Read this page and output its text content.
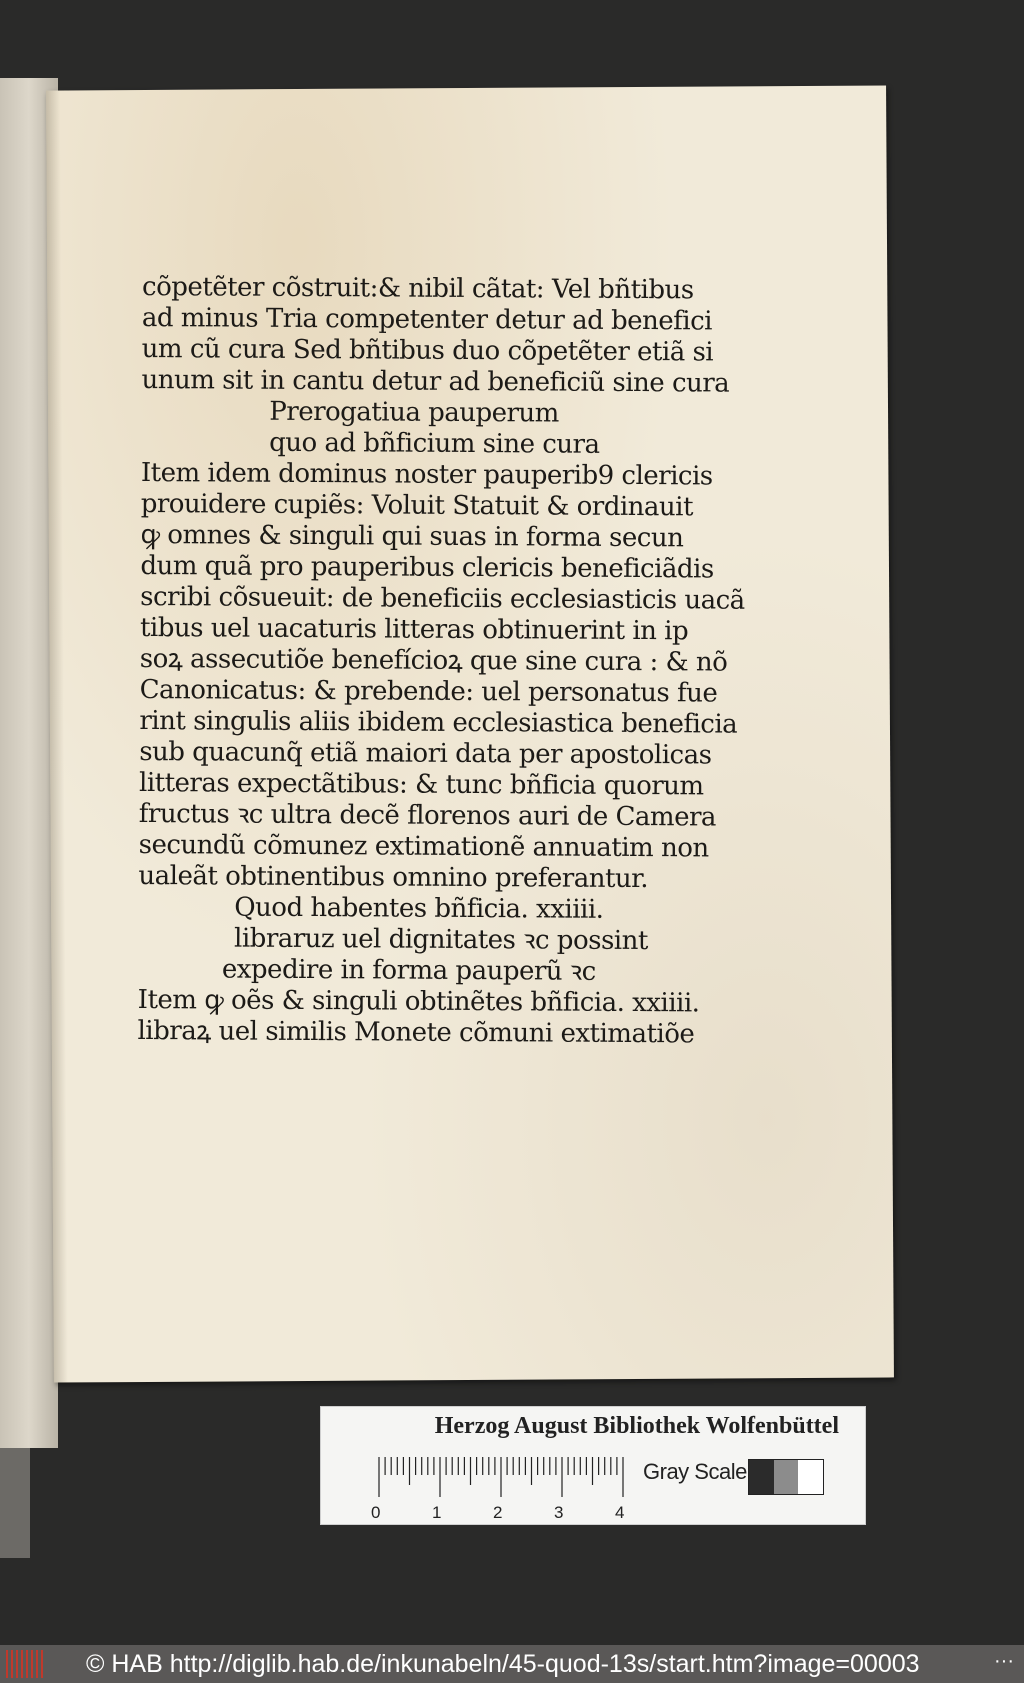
cõpetẽter cõstruit:& nibil cãtat: Vel bñtibus
ad minus Tria competenter detur ad benefici
um cũ cura Sed bñtibus duo cõpetẽter etiã si
unum sit in cantu detur ad beneficiũ sine cura
Prerogatiua pauperum
quo ad bñficium sine cura
Item idem dominus noster pauperib9 clericis
prouidere cupiẽs: Voluit Statuit & ordinauit
ꝙ omnes & singuli qui suas in forma secun
dum quã pro pauperibus clericis beneficiãdis
scribi cõsueuit: de beneficiis ecclesiasticis uacã
tibus uel uacaturis litteras obtinuerint in ip
soꝝ assecutiõe benefícioꝝ que sine cura : & nõ
Canonicatus: & prebende: uel personatus fue
rint singulis aliis ibidem ecclesiastica beneficia
sub quacunq̃ etiã maiori data per apostolicas
litteras expectãtibus: & tunc bñficia quorum
fructus ꝛc ultra decẽ florenos auri de Camera
secundũ cõmunez extimationẽ annuatim non
ualeãt obtinentibus omnino preferantur.
Quod habentes bñficia. xxiiii.
libraruz uel dignitates ꝛc possint
expedire in forma pauperũ ꝛc
Item ꝙ oẽs & singuli obtinẽtes bñficia. xxiiii.
libraꝝ uel similis Monete cõmuni extimatiõe
Herzog August Bibliothek Wolfenbüttel
0	1	2	3	4
Gray Scale
© HAB http://diglib.hab.de/inkunabeln/45-quod-13s/start.htm?image=00003	···
